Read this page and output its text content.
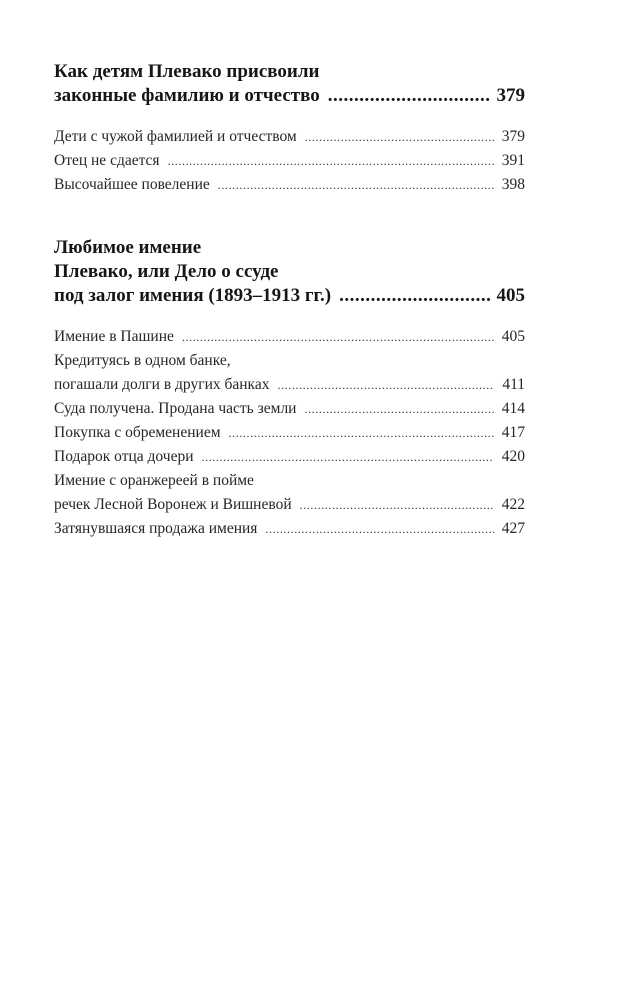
Как детям Плевако присвоили
законные фамилию и отчество .....	379
Дети с чужой фамилией и отчеством .....	379
Отец не сдается .....	391
Высочайшее повеление .....	398
Любимое имение
Плевако, или Дело о ссуде
под залог имения (1893–1913 гг.) .....	405
Имение в Пашине .....	405
Кредитуясь в одном банке,
погашали долги в других банках .....	411
Суда получена. Продана часть земли .....	414
Покупка с обременением .....	417
Подарок отца дочери .....	420
Имение с оранжереей в пойме
речек Лесной Воронеж и Вишневой .....	422
Затянувшаяся продажа имения .....	427
